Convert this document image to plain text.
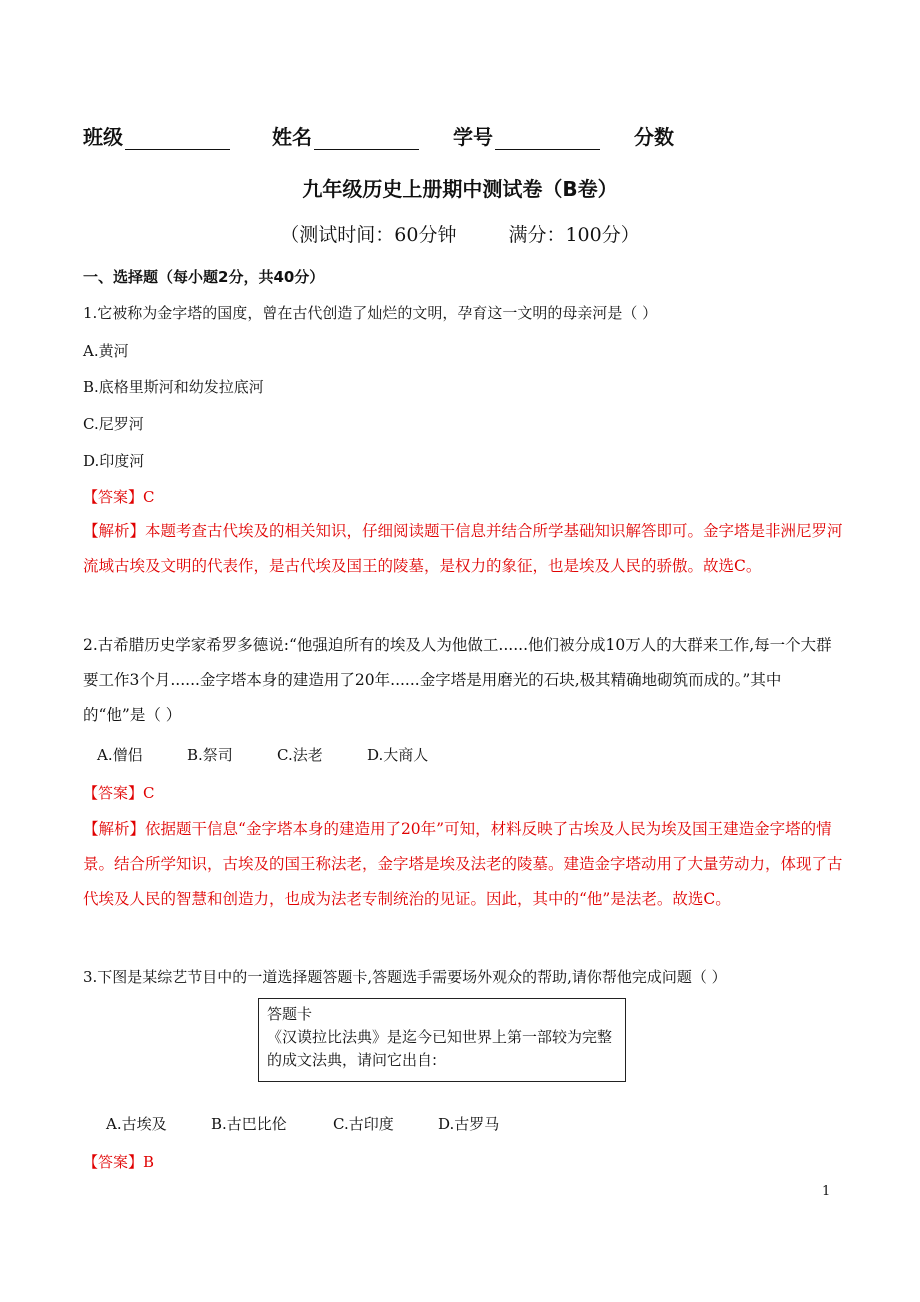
班级	姓名	学号	分数
九年级历史上册期中测试卷（B卷）
（测试时间：60分钟	满分：100分）
一、选择题（每小题2分，共40分）
1.它被称为金字塔的国度，曾在古代创造了灿烂的文明，孕育这一文明的母亲河是（ ）
A.黄河
B.底格里斯河和幼发拉底河
C.尼罗河
D.印度河
【答案】C
【解析】本题考查古代埃及的相关知识，仔细阅读题干信息并结合所学基础知识解答即可。金字塔是非洲尼罗河流域古埃及文明的代表作，是古代埃及国王的陵墓，是权力的象征，也是埃及人民的骄傲。故选C。
2.古希腊历史学家希罗多德说:“他强迫所有的埃及人为他做工......他们被分成10万人的大群来工作,每一个大群要工作3个月......金字塔本身的建造用了20年......金字塔是用磨光的石块,极其精确地砌筑而成的。”其中的“他”是（ ）
A.僧侣	B.祭司	C.法老	D.大商人
【答案】C
【解析】依据题干信息“金字塔本身的建造用了20年”可知，材料反映了古埃及人民为埃及国王建造金字塔的情景。结合所学知识，古埃及的国王称法老，金字塔是埃及法老的陵墓。建造金字塔动用了大量劳动力，体现了古代埃及人民的智慧和创造力，也成为法老专制统治的见证。因此，其中的“他”是法老。故选C。
3.下图是某综艺节目中的一道选择题答题卡,答题选手需要场外观众的帮助,请你帮他完成问题（ ）
答题卡
《汉谟拉比法典》是迄今已知世界上第一部较为完整的成文法典，请问它出自:
A.古埃及	B.古巴比伦	C.古印度	D.古罗马
【答案】B
1
